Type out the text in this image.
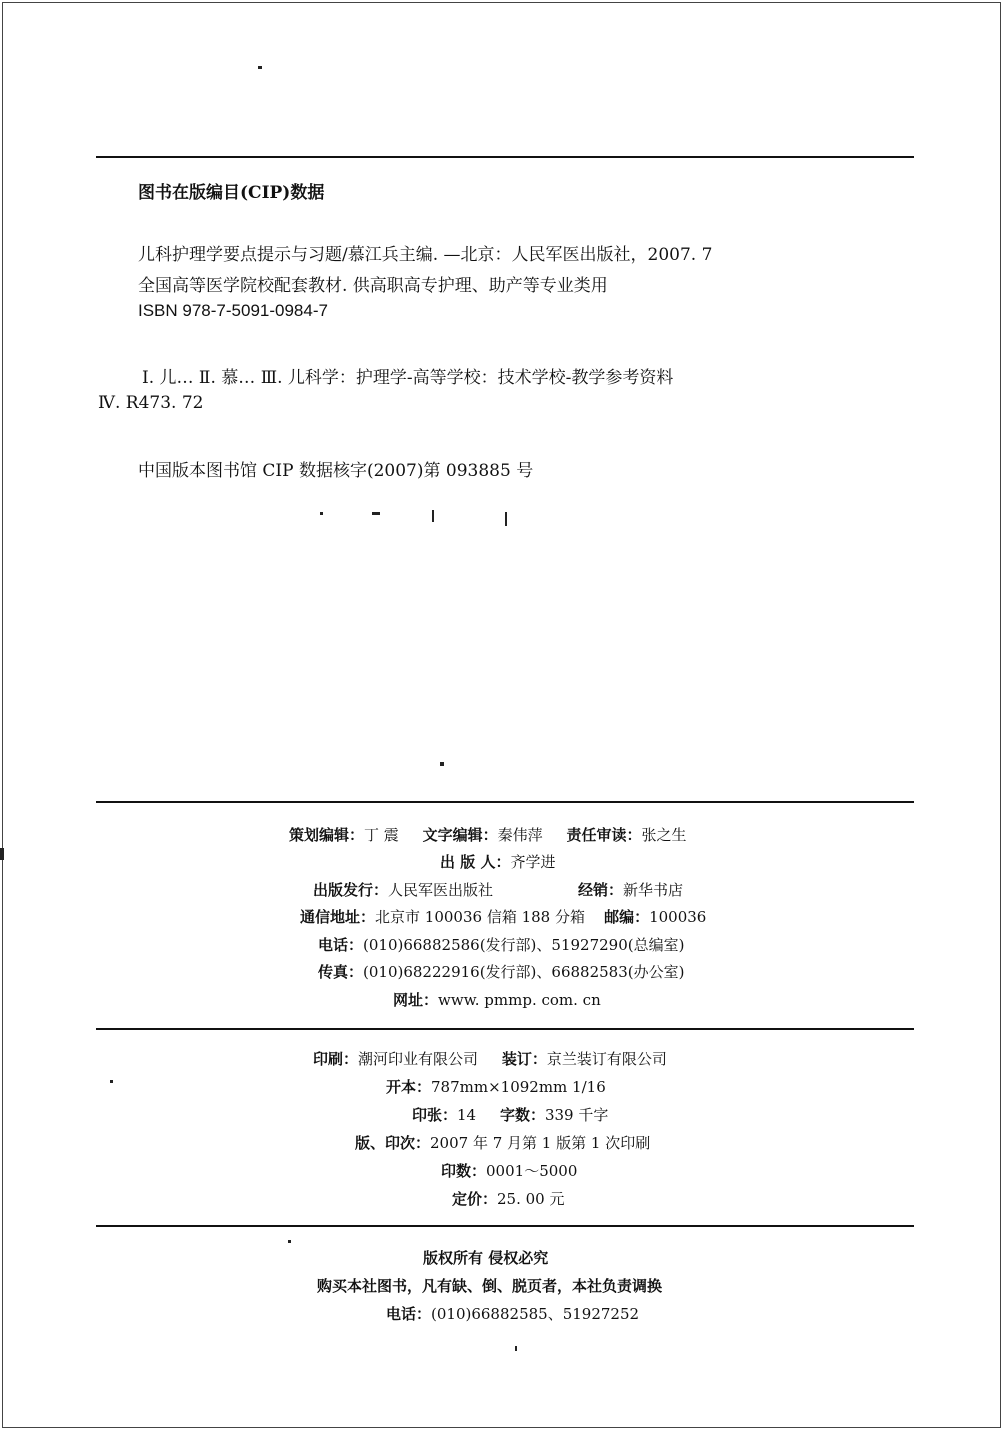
图书在版编目(CIP)数据
儿科护理学要点提示与习题/慕江兵主编. —北京：人民军医出版社，2007. 7
全国高等医学院校配套教材. 供高职高专护理、助产等专业类用
ISBN 978-7-5091-0984-7
Ⅰ. 儿… Ⅱ. 慕… Ⅲ. 儿科学：护理学-高等学校：技术学校-教学参考资料
Ⅳ. R473. 72
中国版本图书馆 CIP 数据核字(2007)第 093885 号
策划编辑：丁 震 文字编辑：秦伟萍 责任审读：张之生
出 版 人：齐学进
出版发行：人民军医出版社	经销：新华书店
通信地址：北京市 100036 信箱 188 分箱 邮编：100036
电话：(010)66882586(发行部)、51927290(总编室)
传真：(010)68222916(发行部)、66882583(办公室)
网址：www. pmmp. com. cn
印刷：潮河印业有限公司 装订：京兰装订有限公司
开本：787mm×1092mm 1/16
印张：14 字数：339 千字
版、印次：2007 年 7 月第 1 版第 1 次印刷
印数：0001～5000
定价：25. 00 元
版权所有 侵权必究
购买本社图书，凡有缺、倒、脱页者，本社负责调换
电话：(010)66882585、51927252
